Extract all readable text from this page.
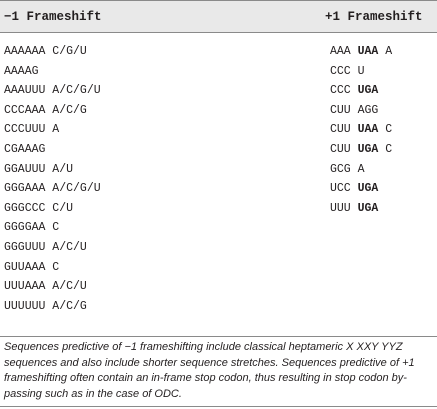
−1 Frameshift	+1 Frameshift
AAAAAA C/G/U
AAAAG
AAAUUU A/C/G/U
CCCAAA A/C/G
CCCUUU A
CGAAAG
GGAUUU A/U
GGGAAA A/C/G/U
GGGCCC C/U
GGGGAA C
GGGUUU A/C/U
GUUAAA C
UUUAAA A/C/U
UUUUUU A/C/G
AAA UAA A
CCC U
CCC UGA
CUU AGG
CUU UAA C
CUU UGA C
GCG A
UCC UGA
UUU UGA
Sequences predictive of −1 frameshifting include classical heptameric X XXY YYZ sequences and also include shorter sequence stretches. Sequences predictive of +1 frameshifting often contain an in-frame stop codon, thus resulting in stop codon by-passing such as in the case of ODC.
